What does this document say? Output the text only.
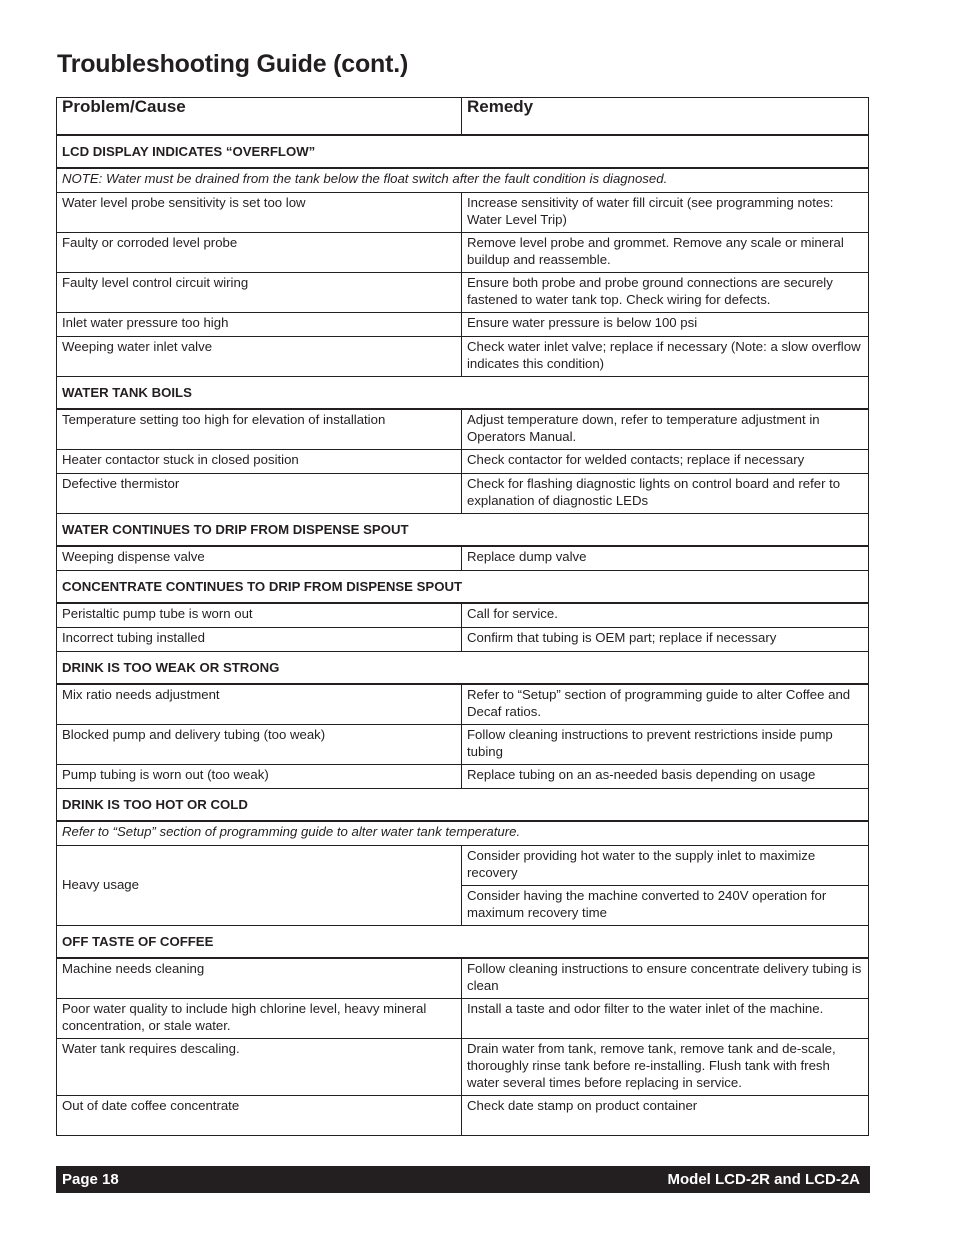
Troubleshooting Guide (cont.)
Problem/Cause	Remedy
LCD DISPLAY INDICATES “OVERFLOW”	
NOTE: Water must be drained from the tank below the float switch after the fault condition is diagnosed.	
Water level probe sensitivity is set too low	Increase sensitivity of water fill circuit (see programming notes: Water Level Trip)
Faulty or corroded level probe	Remove level probe and grommet. Remove any scale or mineral buildup and reassemble.
Faulty level control circuit wiring	Ensure both probe and probe ground connections are securely fastened to water tank top. Check wiring for defects.
Inlet water pressure too high	Ensure water pressure is below 100 psi
Weeping water inlet valve	Check water inlet valve; replace if necessary (Note: a slow overflow indicates this condition)
WATER TANK BOILS	
Temperature setting too high for elevation of installation	Adjust temperature down, refer to temperature adjustment in Operators Manual.
Heater contactor stuck in closed position	Check contactor for welded contacts; replace if necessary
Defective thermistor	Check for flashing diagnostic lights on control board and refer to explanation of diagnostic LEDs
WATER CONTINUES TO DRIP FROM DISPENSE SPOUT	
Weeping dispense valve	Replace dump valve
CONCENTRATE CONTINUES TO DRIP FROM DISPENSE SPOUT	
Peristaltic pump tube is worn out	Call for service.
Incorrect tubing installed	Confirm that tubing is OEM part; replace if necessary
DRINK IS TOO WEAK OR STRONG	
Mix ratio needs adjustment	Refer to “Setup” section of programming guide to alter Coffee and Decaf ratios.
Blocked pump and delivery tubing (too weak)	Follow cleaning instructions to prevent restrictions inside pump tubing
Pump tubing is worn out (too weak)	Replace tubing on an as-needed basis depending on usage
DRINK IS TOO HOT OR COLD	
Refer to “Setup” section of programming guide to alter water tank temperature.	
Heavy usage	Consider providing hot water to the supply inlet to maximize recovery
	Consider having the machine converted to 240V operation for maximum recovery time
OFF TASTE OF COFFEE	
Machine needs cleaning	Follow cleaning instructions to ensure concentrate delivery tubing is clean
Poor water quality to include high chlorine level, heavy mineral concentration, or stale water.	Install a taste and odor filter to the water inlet of the machine.
Water tank requires descaling.	Drain water from tank, remove tank, remove tank and de-scale, thoroughly rinse tank before re-installing. Flush tank with fresh water several times before replacing in service.
Out of date coffee concentrate	Check date stamp on product container
Page 18	Model LCD-2R and LCD-2A
